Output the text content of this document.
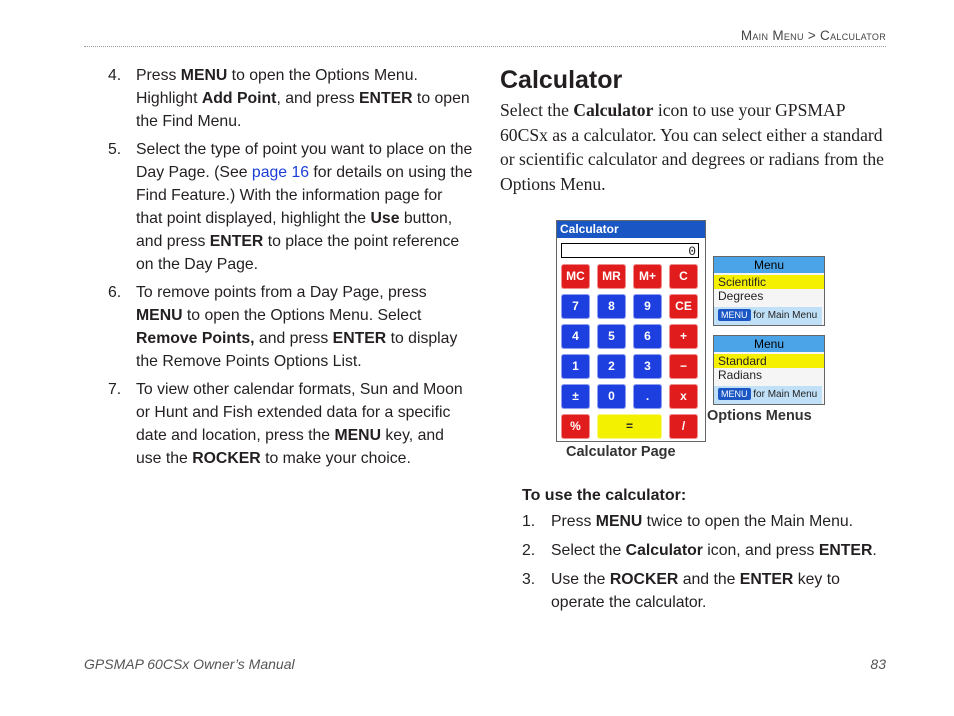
Main Menu > Calculator
4. Press MENU to open the Options Menu. Highlight Add Point, and press ENTER to open the Find Menu.
5. Select the type of point you want to place on the Day Page. (See page 16 for details on using the Find Feature.) With the information page for that point displayed, highlight the Use button, and press ENTER to place the point reference on the Day Page.
6. To remove points from a Day Page, press MENU to open the Options Menu. Select Remove Points, and press ENTER to display the Remove Points Options List.
7. To view other calendar formats, Sun and Moon or Hunt and Fish extended data for a specific date and location, press the MENU key, and use the ROCKER to make your choice.
Calculator
Select the Calculator icon to use your GPSMAP 60CSx as a calculator. You can select either a standard or scientific calculator and degrees or radians from the Options Menu.
Calculator
0
MC	MR	M+	C
7	8	9	CE
4	5	6	+
1	2	3	−
±	0	.	x
%	=	/
Calculator Page
Menu
Scientific
Degrees
MENU for Main Menu
Menu
Standard
Radians
MENU for Main Menu
Options Menus
To use the calculator:
1.	Press MENU twice to open the Main Menu.
2.	Select the Calculator icon, and press ENTER.
3.	Use the ROCKER and the ENTER key to operate the calculator.
GPSMAP 60CSx Owner’s Manual	83
